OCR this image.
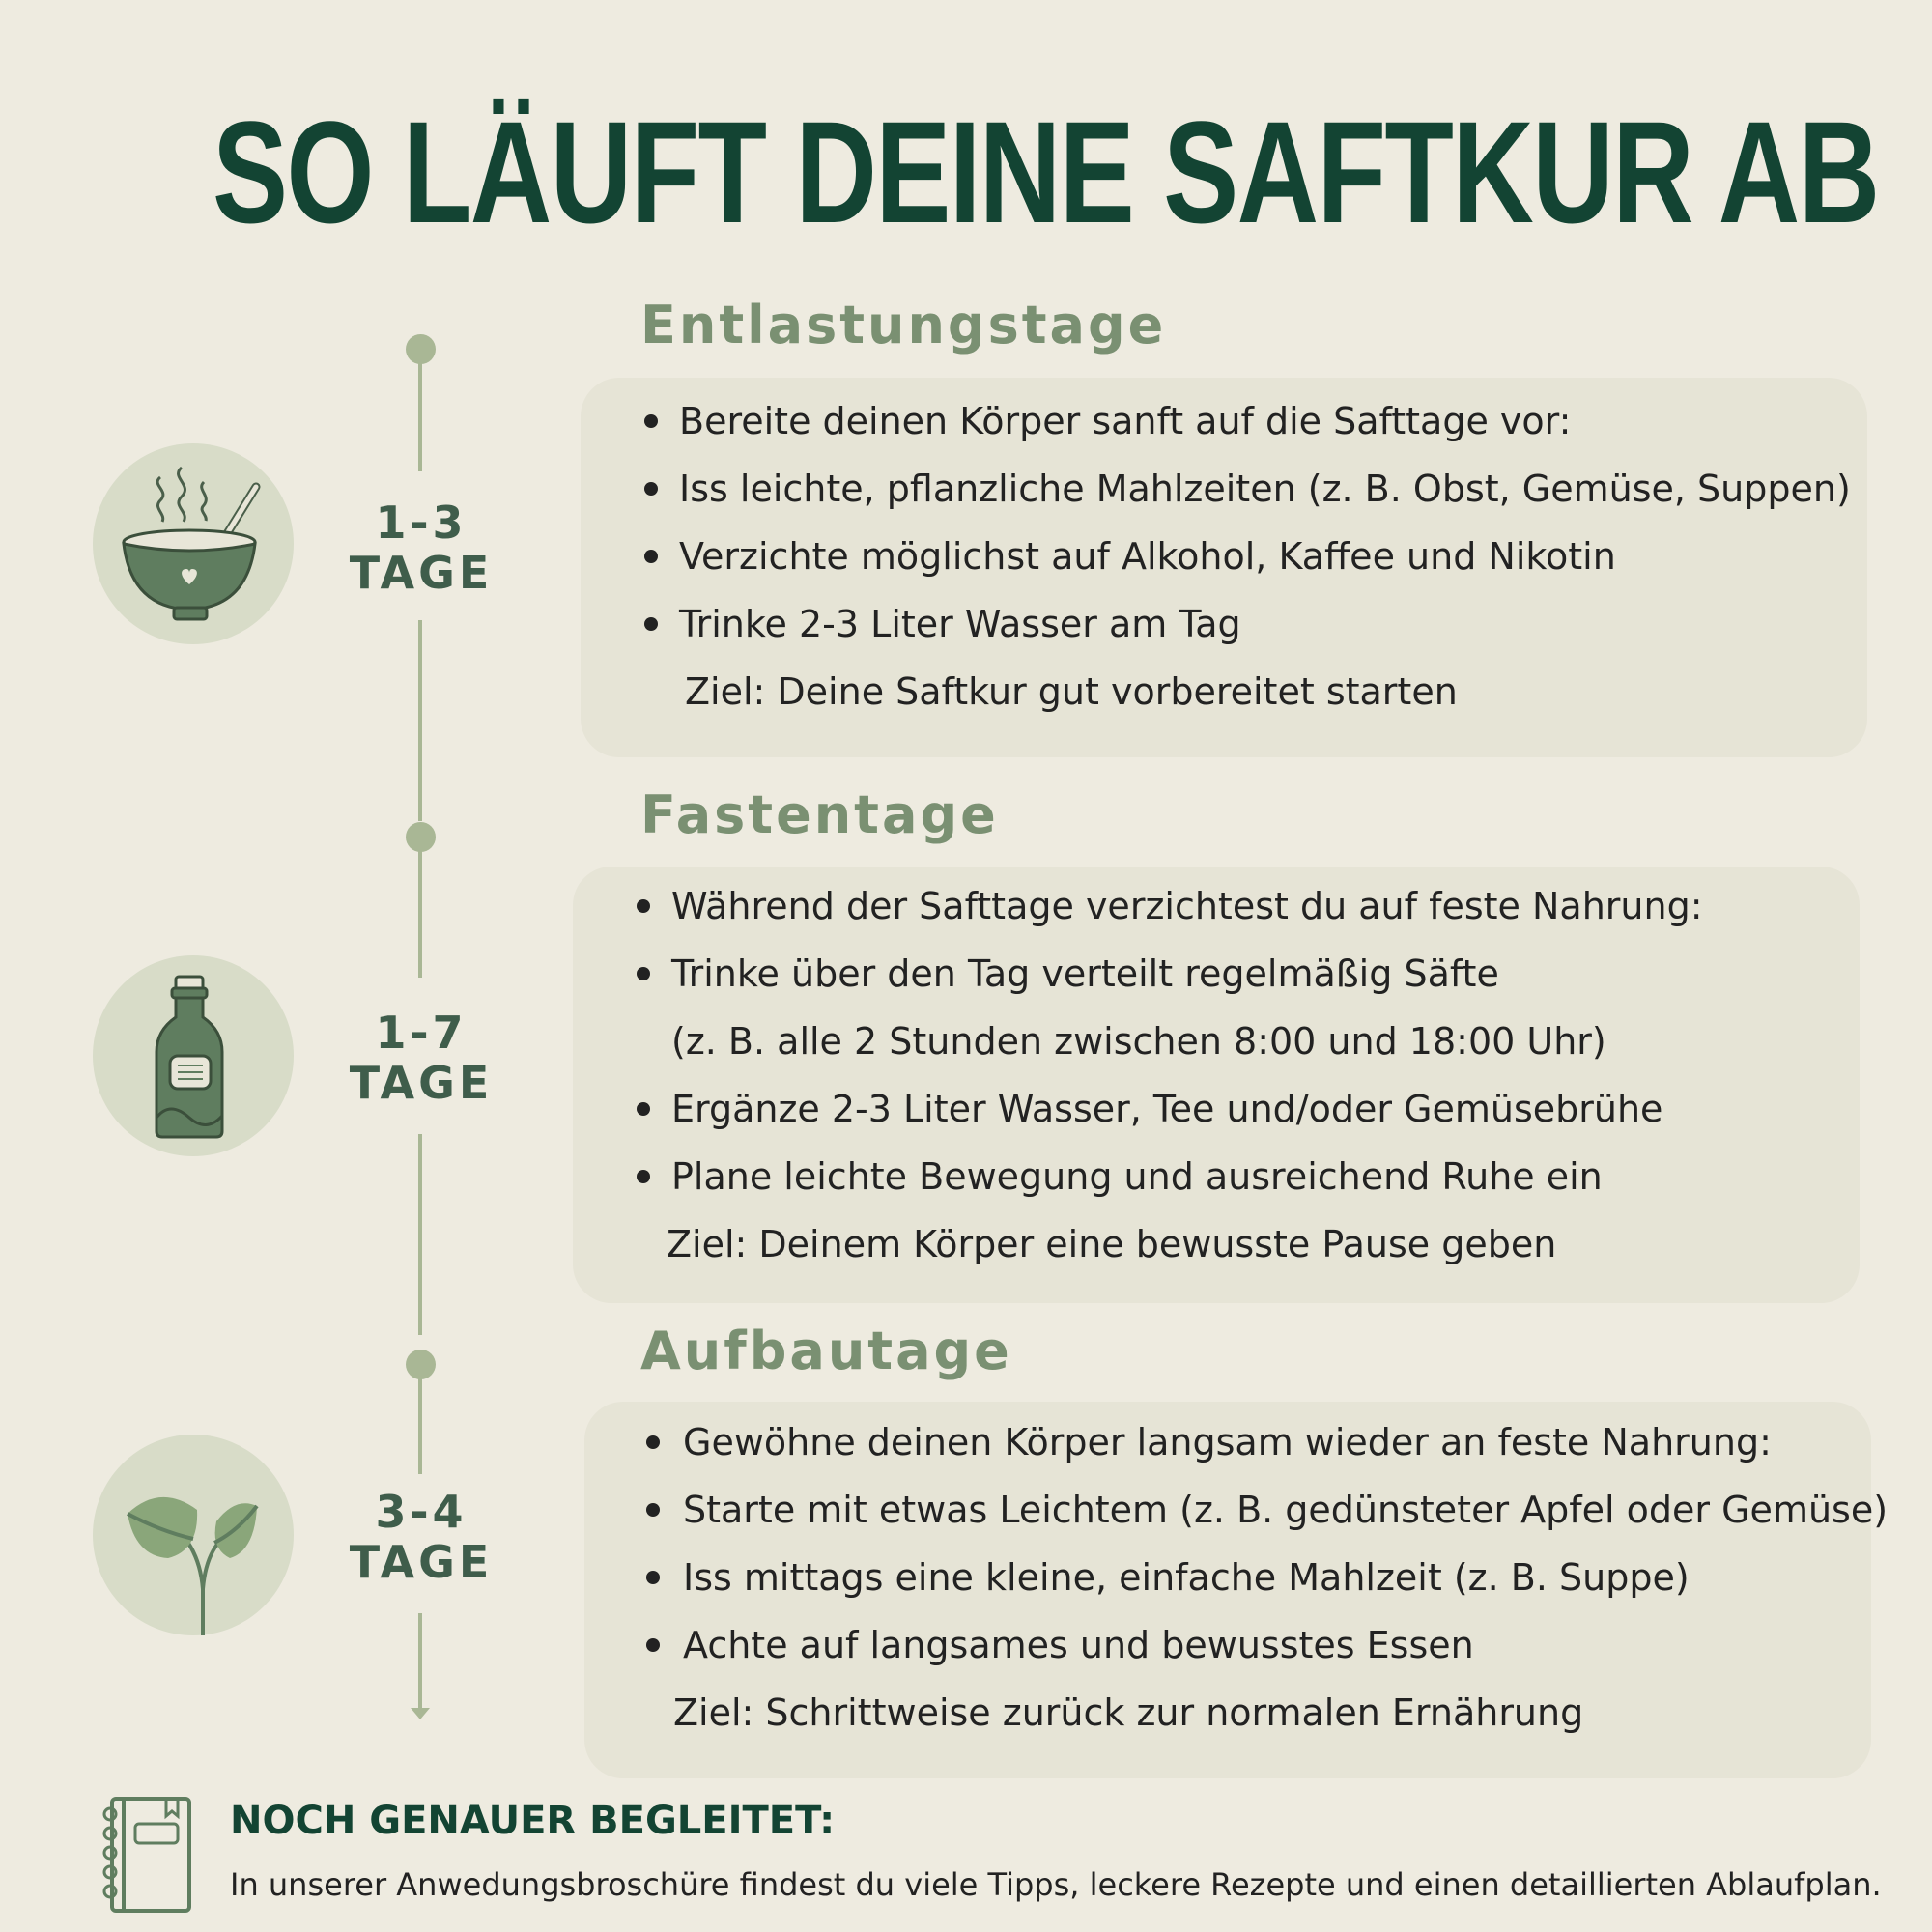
SO LÄUFT DEINE SAFTKUR AB
1-3
TAGE
Entlastungstage
Bereite deinen Körper sanft auf die Safttage vor:
Iss leichte, pflanzliche Mahlzeiten (z. B. Obst, Gemüse, Suppen)
Verzichte möglichst auf Alkohol, Kaffee und Nikotin
Trinke 2-3 Liter Wasser am Tag
Ziel: Deine Saftkur gut vorbereitet starten
1-7
TAGE
Fastentage
Während der Safttage verzichtest du auf feste Nahrung:
Trinke über den Tag verteilt regelmäßig Säfte
(z. B. alle 2 Stunden zwischen 8:00 und 18:00 Uhr)
Ergänze 2-3 Liter Wasser, Tee und/oder Gemüsebrühe
Plane leichte Bewegung und ausreichend Ruhe ein
Ziel: Deinem Körper eine bewusste Pause geben
3-4
TAGE
Aufbautage
Gewöhne deinen Körper langsam wieder an feste Nahrung:
Starte mit etwas Leichtem (z. B. gedünsteter Apfel oder Gemüse)
Iss mittags eine kleine, einfache Mahlzeit (z. B. Suppe)
Achte auf langsames und bewusstes Essen
Ziel: Schrittweise zurück zur normalen Ernährung
NOCH GENAUER BEGLEITET:
In unserer Anwedungsbroschüre findest du viele Tipps, leckere Rezepte und einen detaillierten Ablaufplan.
